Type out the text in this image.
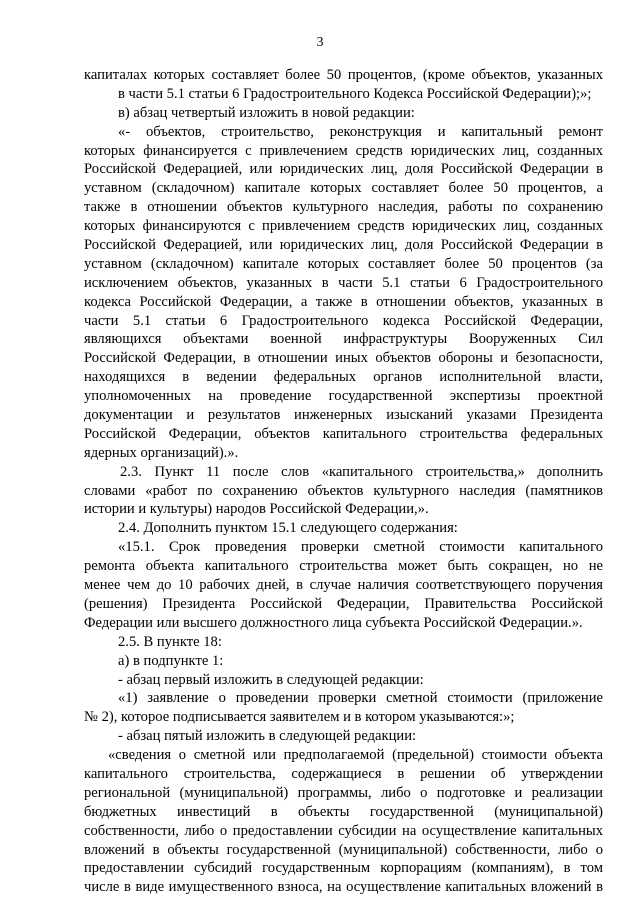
3
капиталах которых составляет более 50 процентов, (кроме объектов, указанных
в части 5.1 статьи 6 Градостроительного Кодекса Российской Федерации);»;
в) абзац четвертый изложить в новой редакции:
«- объектов, строительство, реконструкция и капитальный ремонт
которых финансируется с привлечением средств юридических лиц, созданных
Российской Федерацией, или юридических лиц, доля Российской Федерации в
уставном (складочном) капитале которых составляет более 50 процентов, а
также в отношении объектов культурного наследия, работы по сохранению
которых финансируются с привлечением средств юридических лиц, созданных
Российской Федерацией, или юридических лиц, доля Российской Федерации в
уставном (складочном) капитале которых составляет более 50 процентов (за
исключением объектов, указанных в части 5.1 статьи 6 Градостроительного
кодекса Российской Федерации, а также в отношении объектов, указанных в
части 5.1 статьи 6 Градостроительного кодекса Российской Федерации,
являющихся объектами военной инфраструктуры Вооруженных Сил
Российской Федерации, в отношении иных объектов обороны и безопасности,
находящихся в ведении федеральных органов исполнительной власти,
уполномоченных на проведение государственной экспертизы проектной
документации и результатов инженерных изысканий указами Президента
Российской Федерации, объектов капитального строительства федеральных
ядерных организаций).».
2.3. Пункт 11 после слов «капитального строительства,» дополнить
словами «работ по сохранению объектов культурного наследия (памятников
истории и культуры) народов Российской Федерации,».
2.4. Дополнить пунктом 15.1 следующего содержания:
«15.1. Срок проведения проверки сметной стоимости капитального
ремонта объекта капитального строительства может быть сокращен, но не
менее чем до 10 рабочих дней, в случае наличия соответствующего поручения
(решения) Президента Российской Федерации, Правительства Российской
Федерации или высшего должностного лица субъекта Российской Федерации.».
2.5. В пункте 18:
а) в подпункте 1:
- абзац первый изложить в следующей редакции:
«1) заявление о проведении проверки сметной стоимости (приложение
№ 2), которое подписывается заявителем и в котором указываются:»;
- абзац пятый изложить в следующей редакции:
«сведения о сметной или предполагаемой (предельной) стоимости объекта
капитального строительства, содержащиеся в решении об утверждении
региональной (муниципальной) программы, либо о подготовке и реализации
бюджетных инвестиций в объекты государственной (муниципальной)
собственности, либо о предоставлении субсидии на осуществление капитальных
вложений в объекты государственной (муниципальной) собственности, либо о
предоставлении субсидий государственным корпорациям (компаниям), в том
числе в виде имущественного взноса, на осуществление капитальных вложений в
